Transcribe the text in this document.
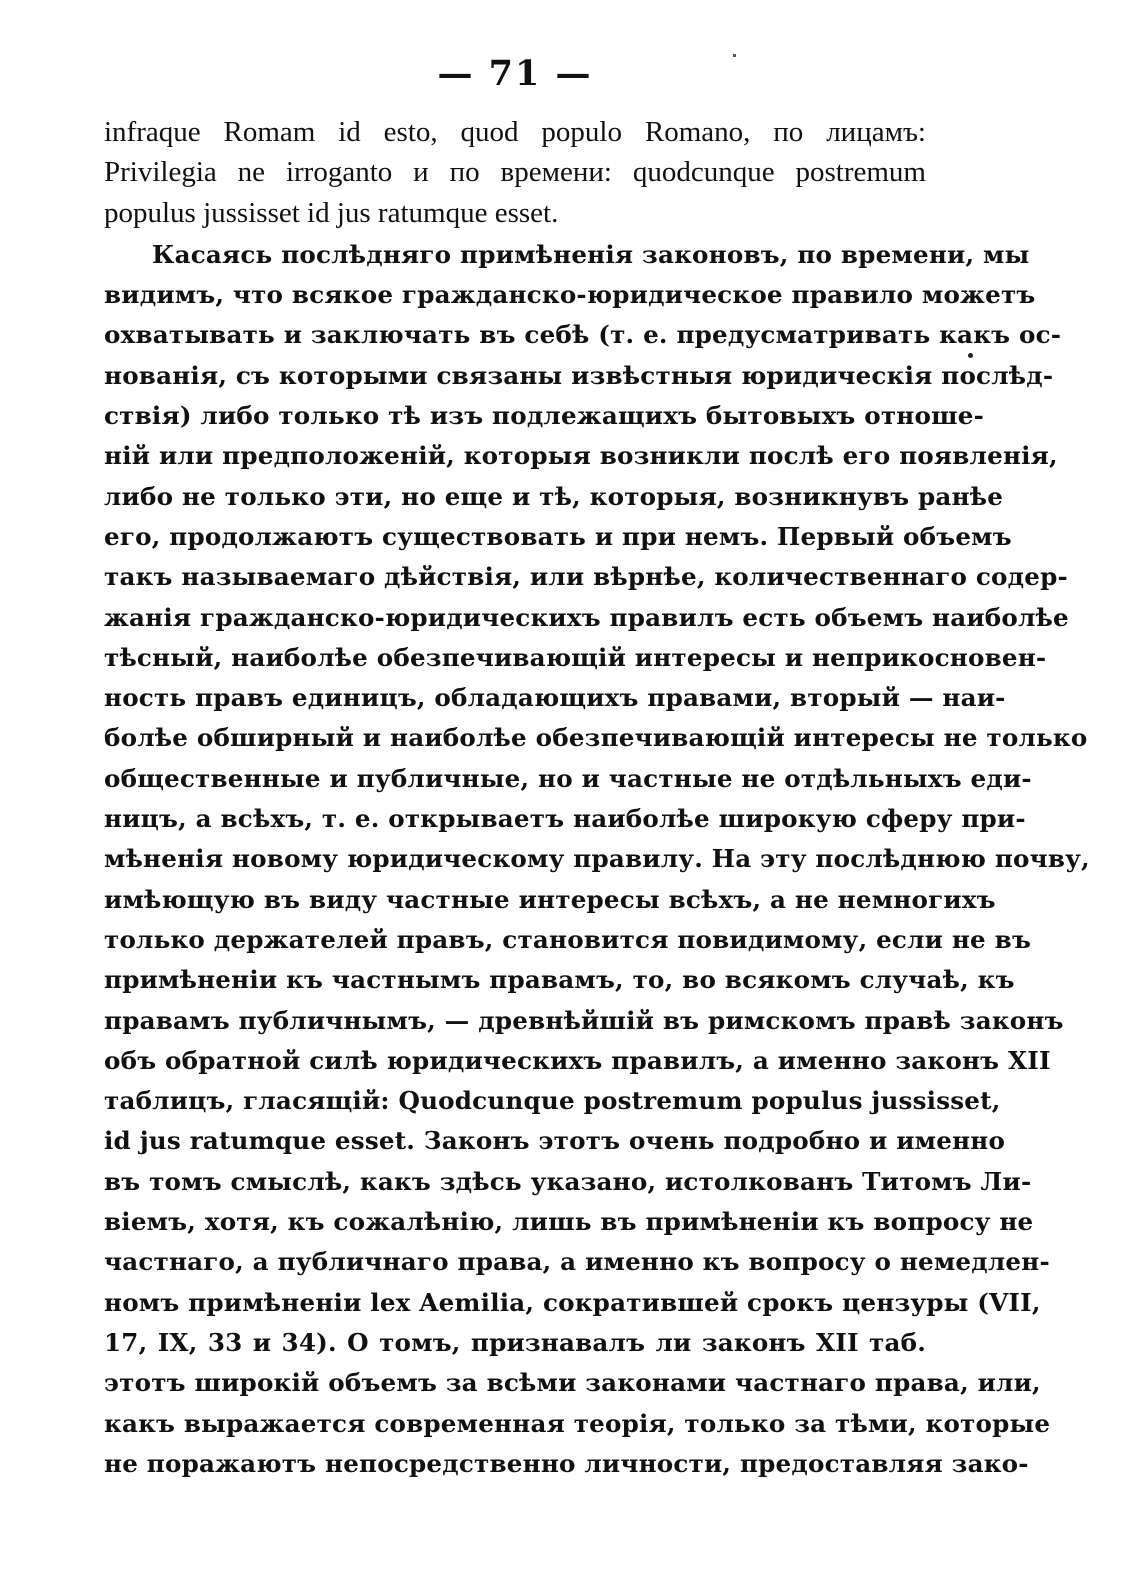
— 71 —

infraque Romam id esto, quod populo Romano, по лицамъ:
Privilegia ne irroganto и по времени: quodcunque postremum
populus jussisset id jus ratumque esset.

Касаясь послѣдняго примѣненія законовъ, по времени, мы
видимъ, что всякое гражданско-юридическое правило можетъ
охватывать и заключать въ себѣ (т. е. предусматривать какъ ос-
нованія, съ которыми связаны извѣстныя юридическія послѣд-
ствія) либо только тѣ изъ подлежащихъ бытовыхъ отноше-
ній или предположеній, которыя возникли послѣ его появленія,
либо не только эти, но еще и тѣ, которыя, возникнувъ ранѣе
его, продолжаютъ существовать и при немъ. Первый объемъ
такъ называемаго дѣйствія, или вѣрнѣе, количественнаго содер-
жанія гражданско-юридическихъ правилъ есть объемъ наиболѣе
тѣсный, наиболѣе обезпечивающій интересы и неприкосновен-
ность правъ единицъ, обладающихъ правами, вторый — наи-
болѣе обширный и наиболѣе обезпечивающій интересы не только
общественные и публичные, но и частные не отдѣльныхъ еди-
ницъ, а всѣхъ, т. е. открываетъ наиболѣе широкую сферу при-
мѣненія новому юридическому правилу. На эту послѣднюю почву,
имѣющую въ виду частные интересы всѣхъ, а не немногихъ
только держателей правъ, становится повидимому, если не въ
примѣненіи къ частнымъ правамъ, то, во всякомъ случаѣ, къ
правамъ публичнымъ, — древнѣйшій въ римскомъ правѣ законъ
объ обратной силѣ юридическихъ правилъ, а именно законъ XII
таблицъ, гласящій: Quodcunque postremum populus jussisset,
id jus ratumque esset. Законъ этотъ очень подробно и именно
въ томъ смыслѣ, какъ здѣсь указано, истолкованъ Титомъ Ли-
віемъ, хотя, къ сожалѣнію, лишь въ примѣненіи къ вопросу не
частнаго, а публичнаго права, а именно къ вопросу о немедлен-
номъ примѣненіи lex Aemilia, сократившей срокъ цензуры (VII,
17, IX, 33 и 34). О томъ, признавалъ ли законъ XII таб.
этотъ широкій объемъ за всѣми законами частнаго права, или,
какъ выражается современная теорія, только за тѣми, которые
не поражаютъ непосредственно личности, предоставляя зако-
